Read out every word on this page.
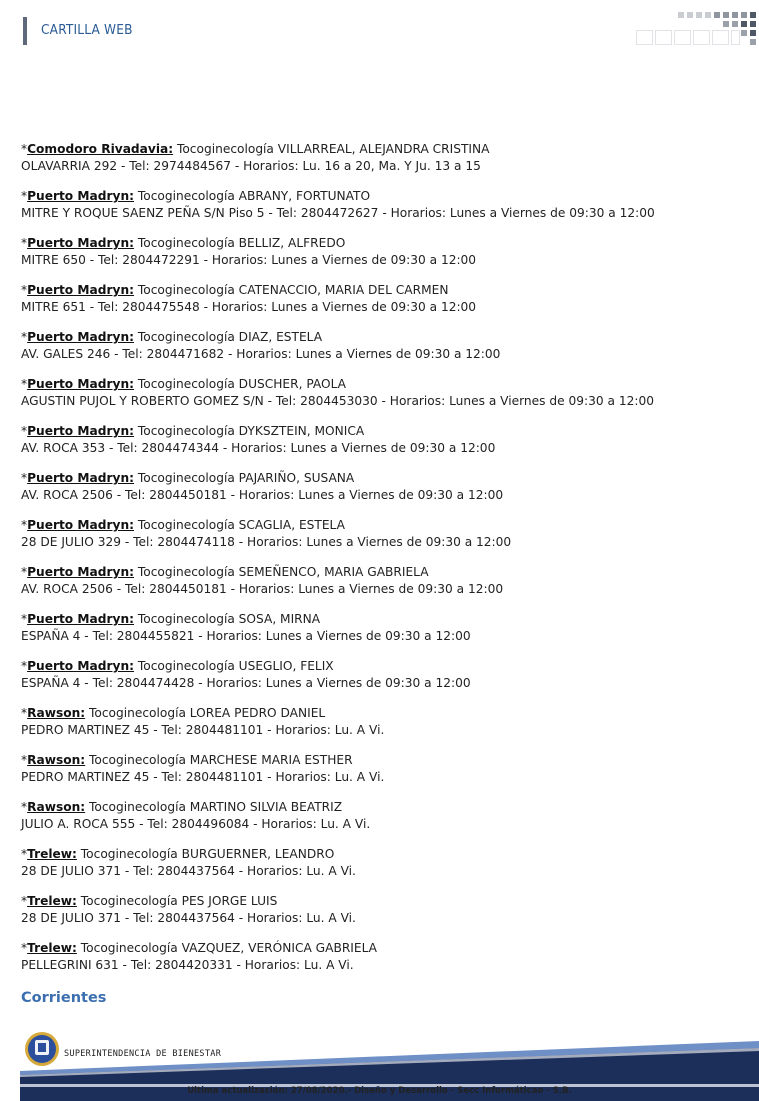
CARTILLA WEB
*Comodoro Rivadavia: Tocoginecología VILLARREAL, ALEJANDRA CRISTINA
OLAVARRIA 292 - Tel: 2974484567 - Horarios: Lu. 16 a 20, Ma. Y Ju. 13 a 15
*Puerto Madryn: Tocoginecología ABRANY, FORTUNATO
MITRE Y ROQUE SAENZ PEÑA S/N Piso 5 - Tel: 2804472627 - Horarios: Lunes a Viernes de 09:30 a 12:00
*Puerto Madryn: Tocoginecología BELLIZ, ALFREDO
MITRE 650 - Tel: 2804472291 - Horarios: Lunes a Viernes de 09:30 a 12:00
*Puerto Madryn: Tocoginecología CATENACCIO, MARIA DEL CARMEN
MITRE 651 - Tel: 2804475548 - Horarios: Lunes a Viernes de 09:30 a 12:00
*Puerto Madryn: Tocoginecología DIAZ, ESTELA
AV. GALES 246 - Tel: 2804471682 - Horarios: Lunes a Viernes de 09:30 a 12:00
*Puerto Madryn: Tocoginecología DUSCHER, PAOLA
AGUSTIN PUJOL Y ROBERTO GOMEZ S/N - Tel: 2804453030 - Horarios: Lunes a Viernes de 09:30 a 12:00
*Puerto Madryn: Tocoginecología DYKSZTEIN, MONICA
AV. ROCA 353 - Tel: 2804474344 - Horarios: Lunes a Viernes de 09:30 a 12:00
*Puerto Madryn: Tocoginecología PAJARIÑO, SUSANA
AV. ROCA 2506 - Tel: 2804450181 - Horarios: Lunes a Viernes de 09:30 a 12:00
*Puerto Madryn: Tocoginecología SCAGLIA, ESTELA
28 DE JULIO 329 - Tel: 2804474118 - Horarios: Lunes a Viernes de 09:30 a 12:00
*Puerto Madryn: Tocoginecología SEMEÑENCO, MARIA GABRIELA
AV. ROCA 2506 - Tel: 2804450181 - Horarios: Lunes a Viernes de 09:30 a 12:00
*Puerto Madryn: Tocoginecología SOSA, MIRNA
ESPAÑA 4 - Tel: 2804455821 - Horarios: Lunes a Viernes de 09:30 a 12:00
*Puerto Madryn: Tocoginecología USEGLIO, FELIX
ESPAÑA 4 - Tel: 2804474428 - Horarios: Lunes a Viernes de 09:30 a 12:00
*Rawson: Tocoginecología LOREA PEDRO DANIEL
PEDRO MARTINEZ 45 - Tel: 2804481101 - Horarios: Lu. A Vi.
*Rawson: Tocoginecología MARCHESE MARIA ESTHER
PEDRO MARTINEZ 45 - Tel: 2804481101 - Horarios: Lu. A Vi.
*Rawson: Tocoginecología MARTINO SILVIA BEATRIZ
JULIO A. ROCA 555 - Tel: 2804496084 - Horarios: Lu. A Vi.
*Trelew: Tocoginecología BURGUERNER, LEANDRO
28 DE JULIO 371 - Tel: 2804437564 - Horarios: Lu. A Vi.
*Trelew: Tocoginecología PES JORGE LUIS
28 DE JULIO 371 - Tel: 2804437564 - Horarios: Lu. A Vi.
*Trelew: Tocoginecología VAZQUEZ, VERÓNICA GABRIELA
PELLEGRINI 631 - Tel: 2804420331 - Horarios: Lu. A Vi.
Corrientes
SUPERINTENDENCIA DE BIENESTAR
Ultima actualización: 27/08/2020.- Diseño y Desarrollo - Secc Informáticao - S.B.
